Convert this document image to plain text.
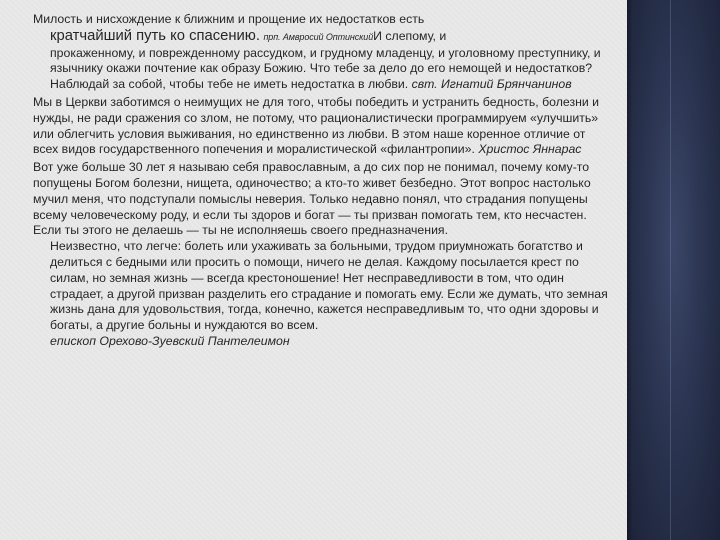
Милость и нисхождение к ближним и прощение их недостатков есть
кратчайший путь ко спасению. прп. Амвросий ОптинскийИ слепому, и

прокаженному, и поврежденному рассудком, и грудному младенцу, и уголовному преступнику, и язычнику окажи почтение как образу Божию. Что тебе за дело до его немощей и недостатков? Наблюдай за собой, чтобы тебе не иметь недостатка в любви. свт. Игнатий Брянчанинов

Мы в Церкви заботимся о неимущих не для того, чтобы победить и устранить бедность, болезни и нужды, не ради сражения со злом, не потому, что рационалистически программируем «улучшить» или облегчить условия выживания, но единственно из любви. В этом наше коренное отличие от всех видов государственного попечения и моралистической «филантропии». Христос Яннарас

Вот уже больше 30 лет я называю себя православным, а до сих пор не понимал, почему кому-то попущены Богом болезни, нищета, одиночество; а кто-то живет безбедно. Этот вопрос настолько мучил меня, что подступали помыслы неверия. Только недавно понял, что страдания попущены всему человеческому роду, и если ты здоров и богат — ты призван помогать тем, кто несчастен. Если ты этого не делаешь — ты не исполняешь своего предназначения.

Неизвестно, что легче: болеть или ухаживать за больными, трудом приумножать богатство и делиться с бедными или просить о помощи, ничего не делая. Каждому посылается крест по силам, но земная жизнь — всегда крестоношение! Нет несправедливости в том, что один страдает, а другой призван разделить его страдание и помогать ему. Если же думать, что земная жизнь дана для удовольствия, тогда, конечно, кажется несправедливым то, что одни здоровы и богаты, а другие больны и нуждаются во всем.
епископ Орехово-Зуевский Пантелеимон
